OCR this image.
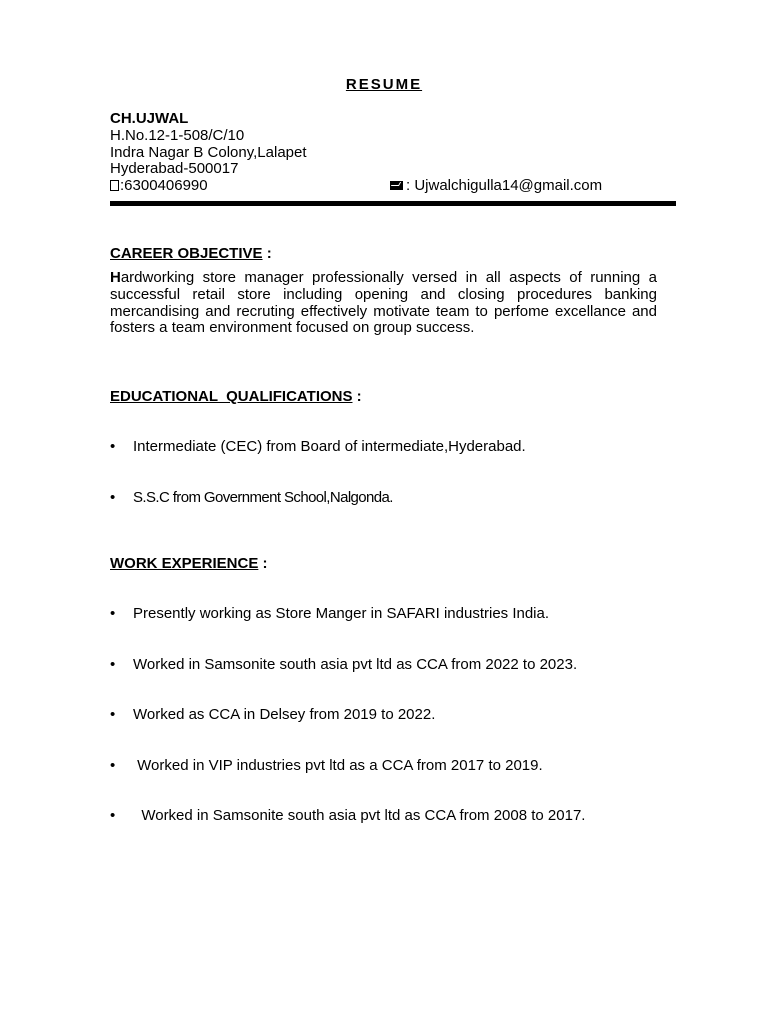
RESUME
CH.UJWAL
H.No.12-1-508/C/10
Indra Nagar B Colony,Lalapet
Hyderabad-500017
:6300406990	: Ujwalchigulla14@gmail.com
CAREER OBJECTIVE :
Hardworking store manager professionally versed in all aspects of running a successful retail store including opening and closing procedures banking mercandising and recruting effectively motivate team to perfome excellance and fosters a team environment focused on group success.
EDUCATIONAL  QUALIFICATIONS :
• Intermediate (CEC) from Board of intermediate,Hyderabad.
• S.S.C from Government School,Nalgonda.
WORK EXPERIENCE :
• Presently working as Store Manger in SAFARI industries India.
• Worked in Samsonite south asia pvt ltd as CCA from 2022 to 2023.
• Worked as CCA in Delsey from 2019 to 2022.
• Worked in VIP industries pvt ltd as a CCA from 2017 to 2019.
• Worked in Samsonite south asia pvt ltd as CCA from 2008 to 2017.
